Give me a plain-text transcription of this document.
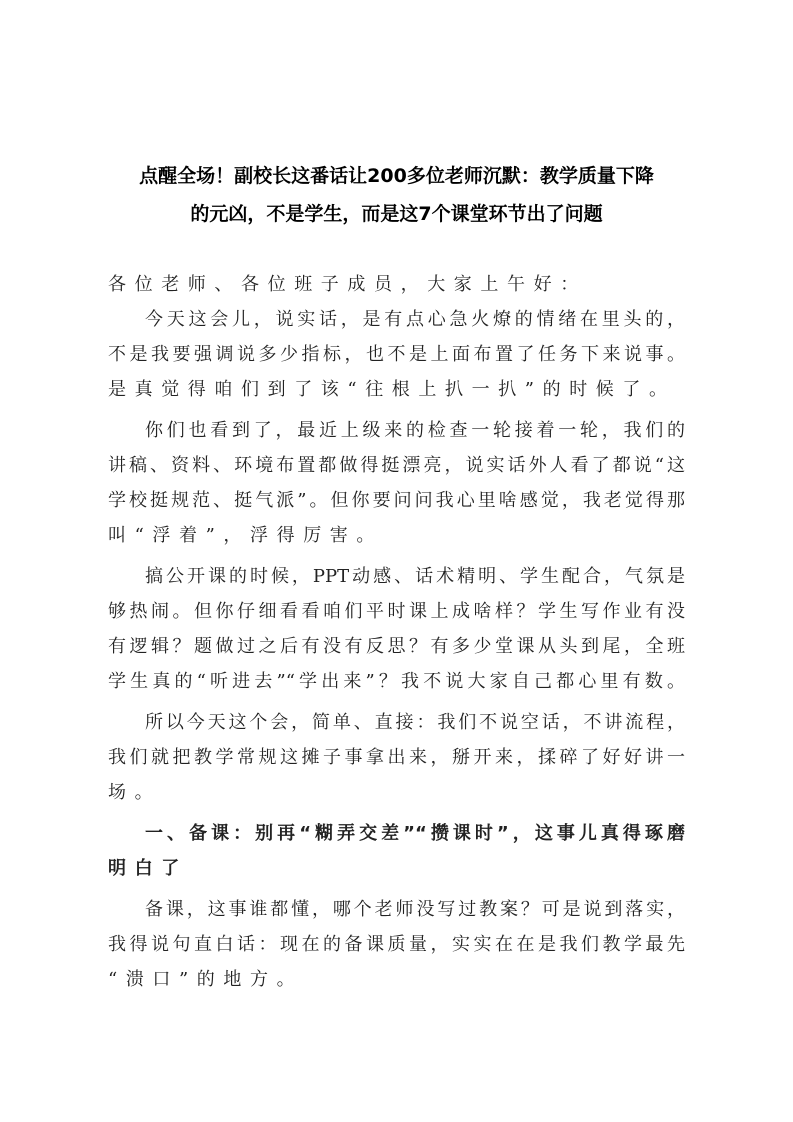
点醒全场！副校长这番话让200多位老师沉默：教学质量下降
的元凶，不是学生，而是这7个课堂环节出了问题
各位老师、各位班子成员，大家上午好：
今天这会儿，说实话，是有点心急火燎的情绪在里头的，
不是我要强调说多少指标，也不是上面布置了任务下来说事。
是真觉得咱们到了该“往根上扒一扒”的时候了。
你们也看到了，最近上级来的检查一轮接着一轮，我们的
讲稿、资料、环境布置都做得挺漂亮，说实话外人看了都说“这
学校挺规范、挺气派”。但你要问问我心里啥感觉，我老觉得那
叫“浮着”，浮得厉害。
搞公开课的时候，PPT动感、话术精明、学生配合，气氛是
够热闹。但你仔细看看咱们平时课上成啥样？学生写作业有没
有逻辑？题做过之后有没有反思？有多少堂课从头到尾，全班
学生真的“听进去”“学出来”？我不说大家自己都心里有数。
所以今天这个会，简单、直接：我们不说空话，不讲流程，
我们就把教学常规这摊子事拿出来，掰开来，揉碎了好好讲一
场。
一、备课：别再“糊弄交差”“攒课时”，这事儿真得琢磨
明白了
备课，这事谁都懂，哪个老师没写过教案？可是说到落实，
我得说句直白话：现在的备课质量，实实在在是我们教学最先
“溃口”的地方。
